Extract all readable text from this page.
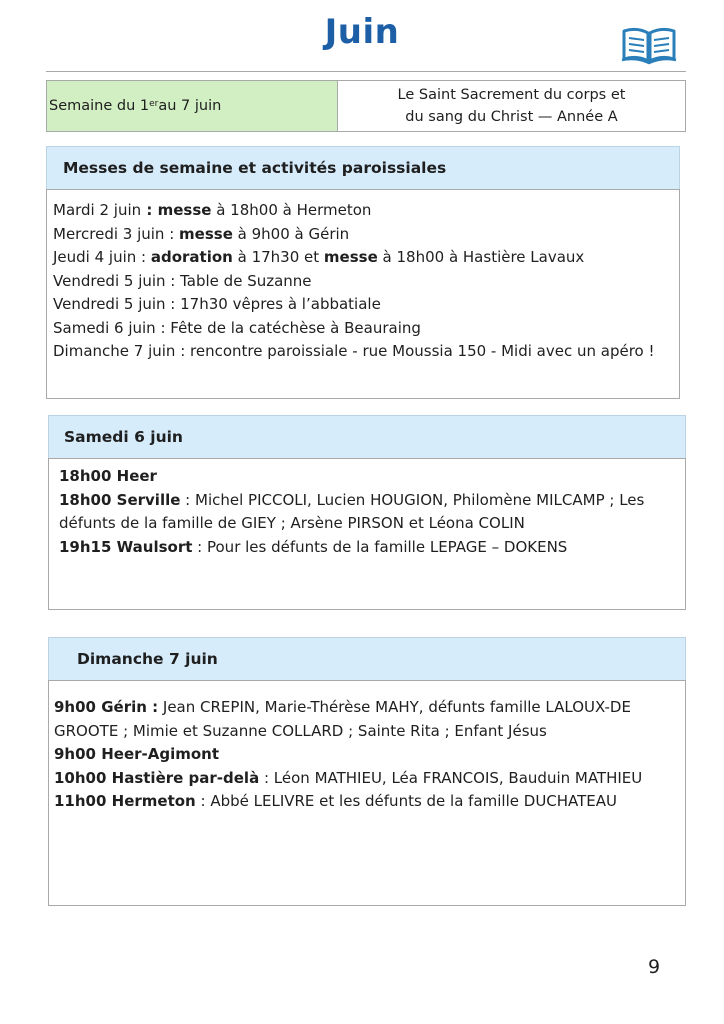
Juin
Semaine du 1er au 7 juin
Le Saint Sacrement du corps et
du sang du Christ — Année A
Messes de semaine et activités paroissiales
Mardi 2 juin : messe à 18h00 à Hermeton
Mercredi 3 juin : messe à 9h00 à Gérin
Jeudi 4 juin : adoration à 17h30 et messe à 18h00 à Hastière Lavaux
Vendredi 5 juin : Table de Suzanne
Vendredi 5 juin : 17h30 vêpres à l’abbatiale
Samedi 6 juin : Fête de la catéchèse à Beauraing
Dimanche 7 juin : rencontre paroissiale - rue Moussia 150 - Midi avec un apéro !
Samedi 6 juin
18h00 Heer
18h00 Serville : Michel PICCOLI, Lucien HOUGION, Philomène MILCAMP ; Les défunts de la famille de GIEY ; Arsène PIRSON et Léona COLIN
19h15 Waulsort : Pour les défunts de la famille LEPAGE – DOKENS
Dimanche 7 juin
9h00 Gérin : Jean CREPIN, Marie-Thérèse MAHY, défunts famille LALOUX-DE GROOTE ; Mimie et Suzanne COLLARD ; Sainte Rita ; Enfant Jésus
9h00 Heer-Agimont
10h00 Hastière par-delà : Léon MATHIEU, Léa FRANCOIS, Bauduin MATHIEU
11h00 Hermeton : Abbé LELIVRE et les défunts de la famille DUCHATEAU
9
